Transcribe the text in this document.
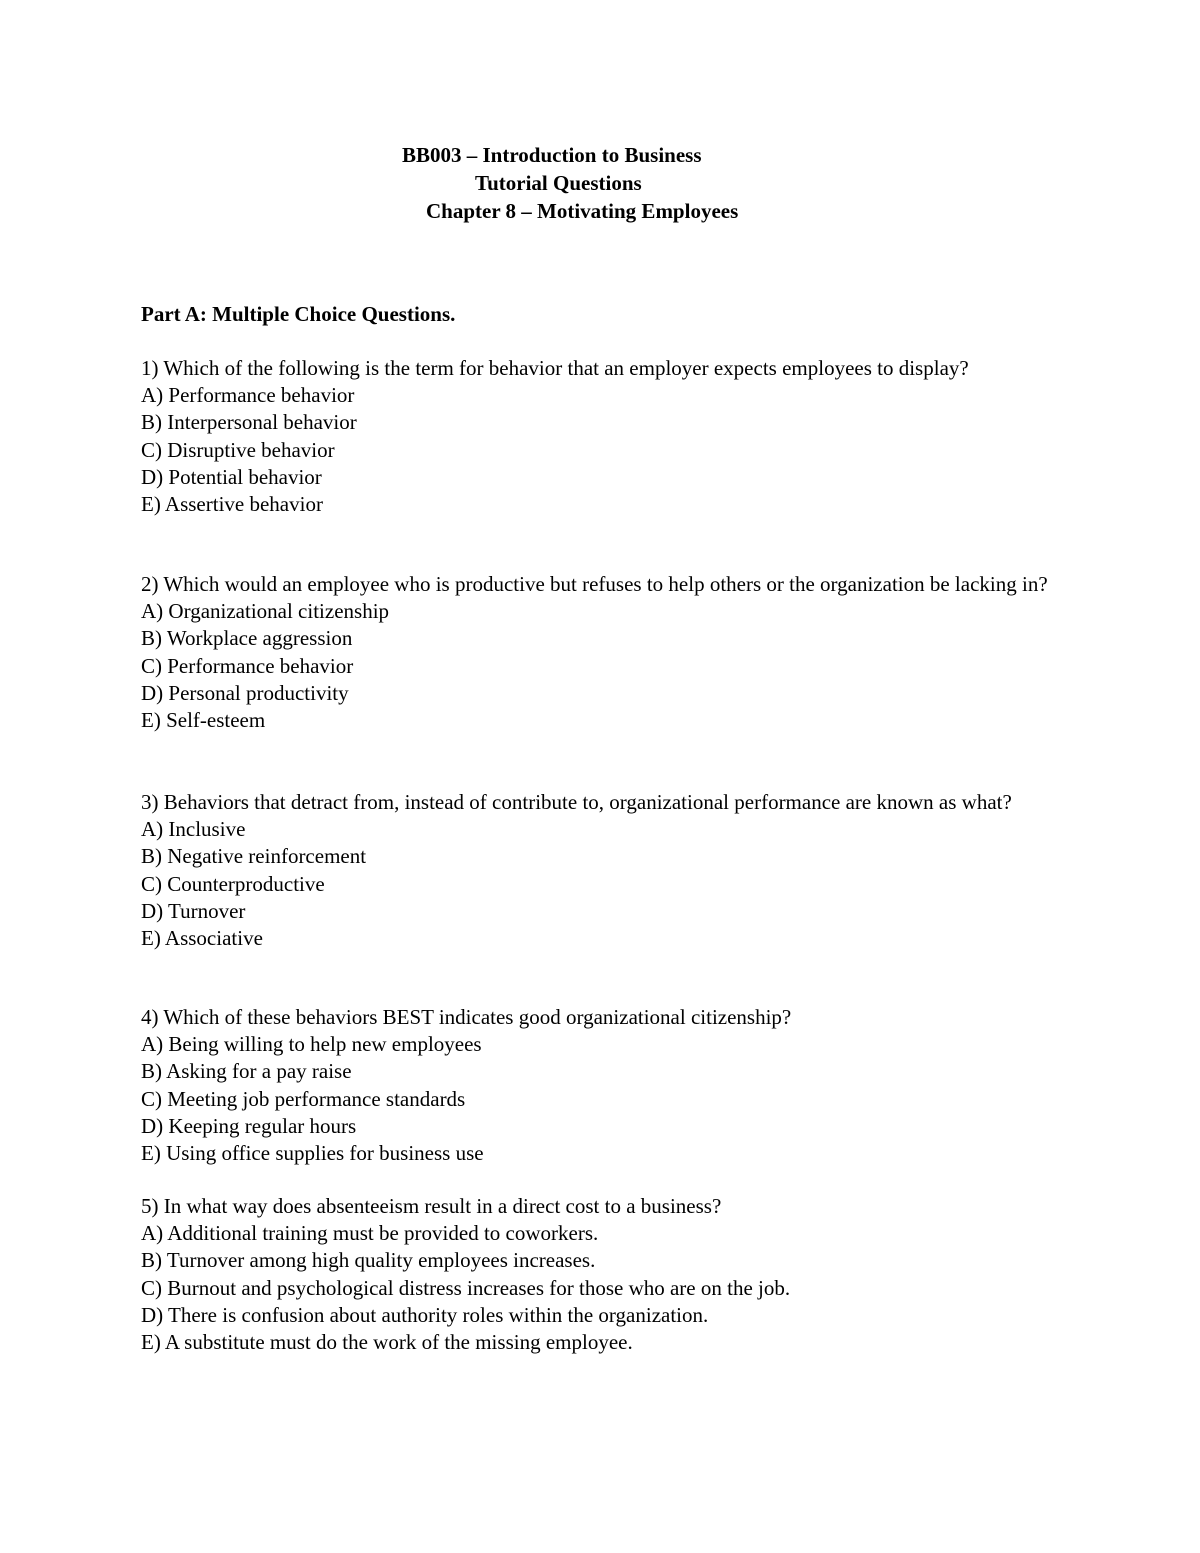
BB003 – Introduction to Business
Tutorial Questions
Chapter 8 – Motivating Employees
Part A: Multiple Choice Questions.

1) Which of the following is the term for behavior that an employer expects employees to display?

A) Performance behavior

B) Interpersonal behavior

C) Disruptive behavior

D) Potential behavior

E) Assertive behavior

2) Which would an employee who is productive but refuses to help others or the organization be lacking in?

A) Organizational citizenship

B) Workplace aggression

C) Performance behavior

D) Personal productivity

E) Self-esteem

3) Behaviors that detract from, instead of contribute to, organizational performance are known as what?

A) Inclusive

B) Negative reinforcement

C) Counterproductive

D) Turnover

E) Associative

4) Which of these behaviors BEST indicates good organizational citizenship?

A) Being willing to help new employees

B) Asking for a pay raise

C) Meeting job performance standards

D) Keeping regular hours

E) Using office supplies for business use

5) In what way does absenteeism result in a direct cost to a business?

A) Additional training must be provided to coworkers.

B) Turnover among high quality employees increases.

C) Burnout and psychological distress increases for those who are on the job.

D) There is confusion about authority roles within the organization.

E) A substitute must do the work of the missing employee.
